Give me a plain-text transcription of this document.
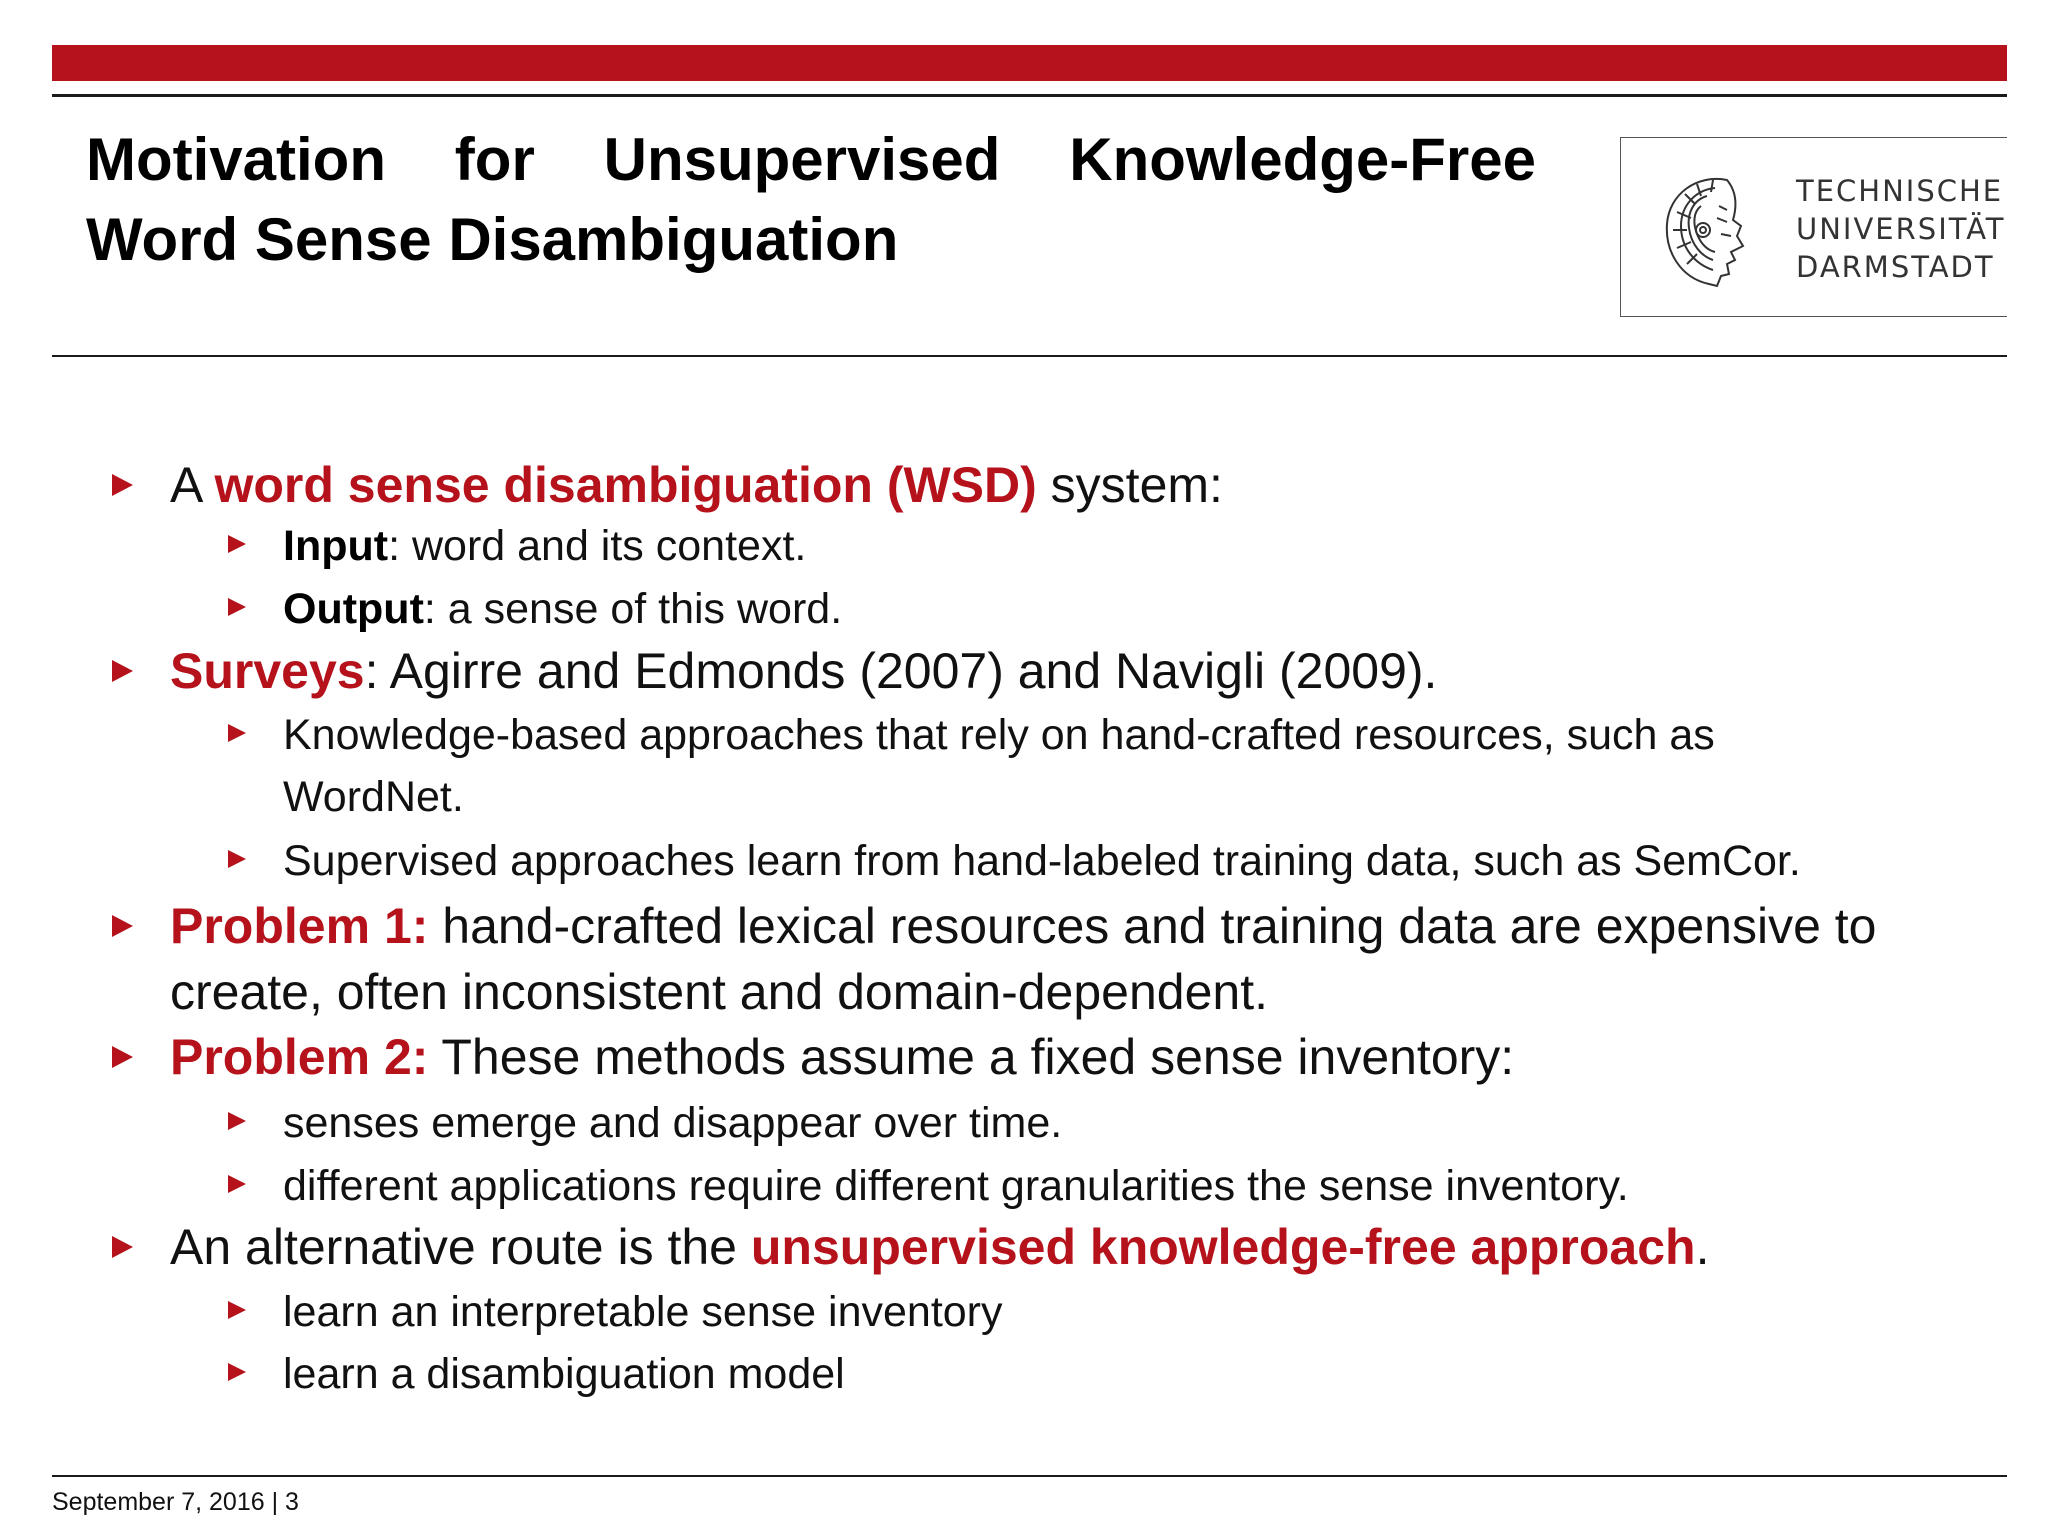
Motivation for Unsupervised Knowledge-Free Word Sense Disambiguation
TECHNISCHE
UNIVERSITÄT
DARMSTADT
A word sense disambiguation (WSD) system:
Input: word and its context.
Output: a sense of this word.
Surveys: Agirre and Edmonds (2007) and Navigli (2009).
Knowledge-based approaches that rely on hand-crafted resources, such as WordNet.
Supervised approaches learn from hand-labeled training data, such as SemCor.
Problem 1: hand-crafted lexical resources and training data are expensive to create, often inconsistent and domain-dependent.
Problem 2: These methods assume a fixed sense inventory:
senses emerge and disappear over time.
different applications require different granularities the sense inventory.
An alternative route is the unsupervised knowledge-free approach.
learn an interpretable sense inventory
learn a disambiguation model
September 7, 2016 | 3
